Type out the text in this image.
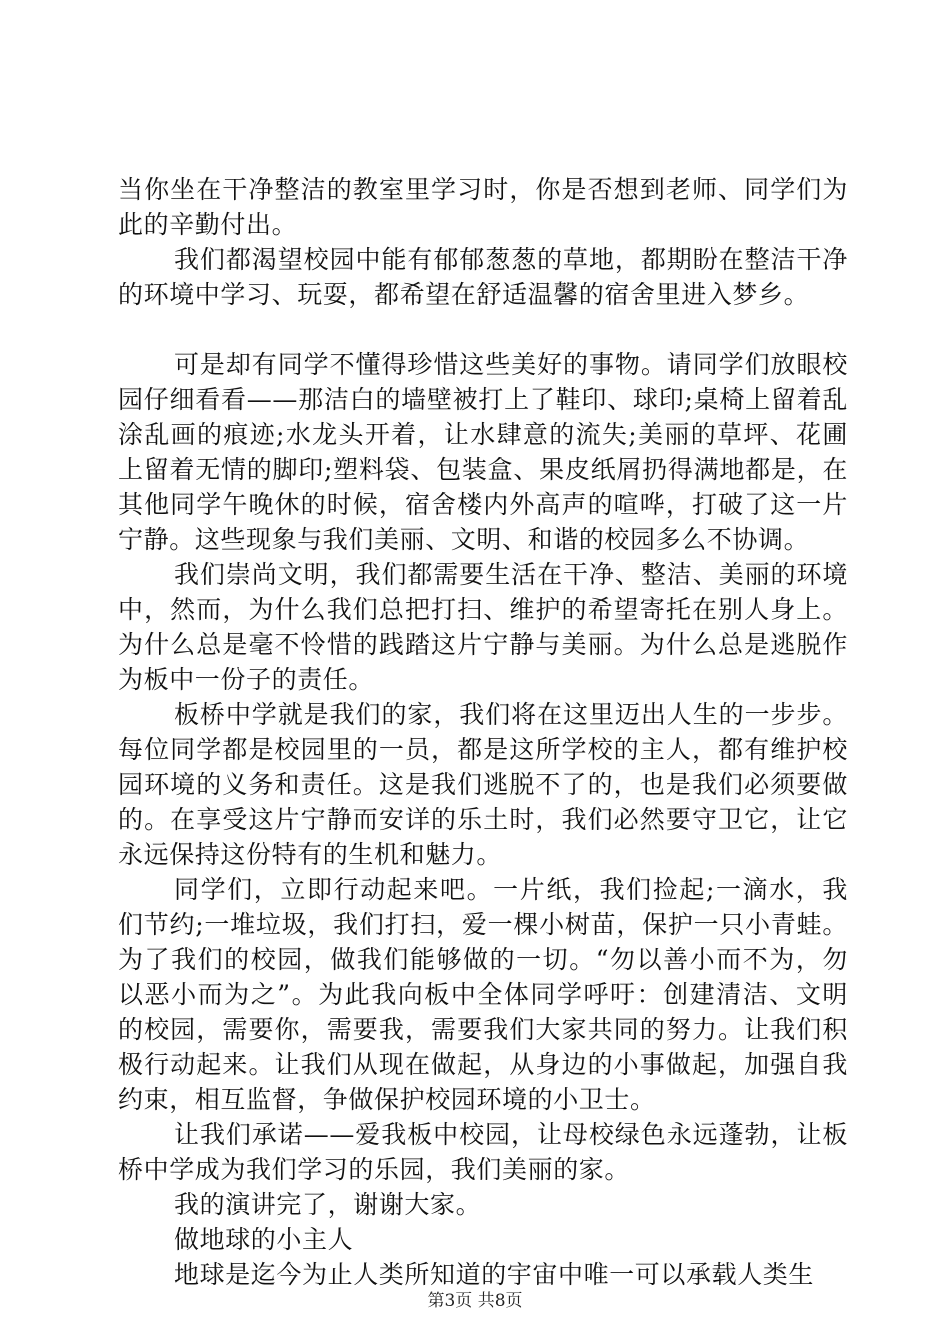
当你坐在干净整洁的教室里学习时，你是否想到老师、同学们为此的辛勤付出。

我们都渴望校园中能有郁郁葱葱的草地，都期盼在整洁干净的环境中学习、玩耍，都希望在舒适温馨的宿舍里进入梦乡。

可是却有同学不懂得珍惜这些美好的事物。请同学们放眼校园仔细看看——那洁白的墙壁被打上了鞋印、球印;桌椅上留着乱涂乱画的痕迹;水龙头开着，让水肆意的流失;美丽的草坪、花圃上留着无情的脚印;塑料袋、包装盒、果皮纸屑扔得满地都是，在其他同学午晚休的时候，宿舍楼内外高声的喧哗，打破了这一片宁静。这些现象与我们美丽、文明、和谐的校园多么不协调。

我们崇尚文明，我们都需要生活在干净、整洁、美丽的环境中，然而，为什么我们总把打扫、维护的希望寄托在别人身上。为什么总是毫不怜惜的践踏这片宁静与美丽。为什么总是逃脱作为板中一份子的责任。

板桥中学就是我们的家，我们将在这里迈出人生的一步步。每位同学都是校园里的一员，都是这所学校的主人，都有维护校园环境的义务和责任。这是我们逃脱不了的，也是我们必须要做的。在享受这片宁静而安详的乐土时，我们必然要守卫它，让它永远保持这份特有的生机和魅力。

同学们，立即行动起来吧。一片纸，我们捡起;一滴水，我们节约;一堆垃圾，我们打扫，爱一棵小树苗，保护一只小青蛙。为了我们的校园，做我们能够做的一切。“勿以善小而不为，勿以恶小而为之”。为此我向板中全体同学呼吁：创建清洁、文明的校园，需要你，需要我，需要我们大家共同的努力。让我们积极行动起来。让我们从现在做起，从身边的小事做起，加强自我约束，相互监督，争做保护校园环境的小卫士。

让我们承诺——爱我板中校园，让母校绿色永远蓬勃，让板桥中学成为我们学习的乐园，我们美丽的家。

我的演讲完了，谢谢大家。

做地球的小主人

地球是迄今为止人类所知道的宇宙中唯一可以承载人类生

第3页 共8页
